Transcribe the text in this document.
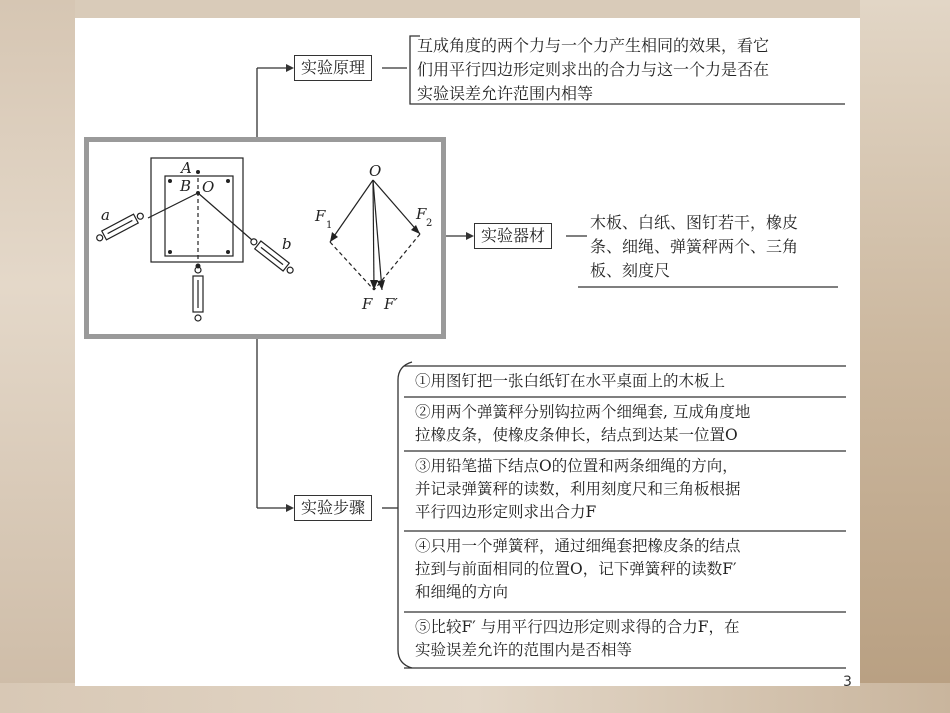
实验原理
实验器材
实验步骤
互成角度的两个力与一个力产生相同的效果，看它
们用平行四边形定则求出的合力与这一个力是否在
实验误差允许范围内相等
木板、白纸、图钉若干，橡皮
条、细绳、弹簧秤两个、三角
板、刻度尺
①用图钉把一张白纸钉在水平桌面上的木板上
②用两个弹簧秤分别钩拉两个细绳套, 互成角度地
拉橡皮条，使橡皮条伸长，结点到达某一位置O
③用铅笔描下结点O的位置和两条细绳的方向，
并记录弹簧秤的读数，利用刻度尺和三角板根据
平行四边形定则求出合力F
④只用一个弹簧秤，通过细绳套把橡皮条的结点
拉到与前面相同的位置O，记下弹簧秤的读数F′
和细绳的方向
⑤比较F′ 与用平行四边形定则求得的合力F，在
实验误差允许的范围内是否相等
A
B O
a
b
O
F
1
F
2
F F′
3
